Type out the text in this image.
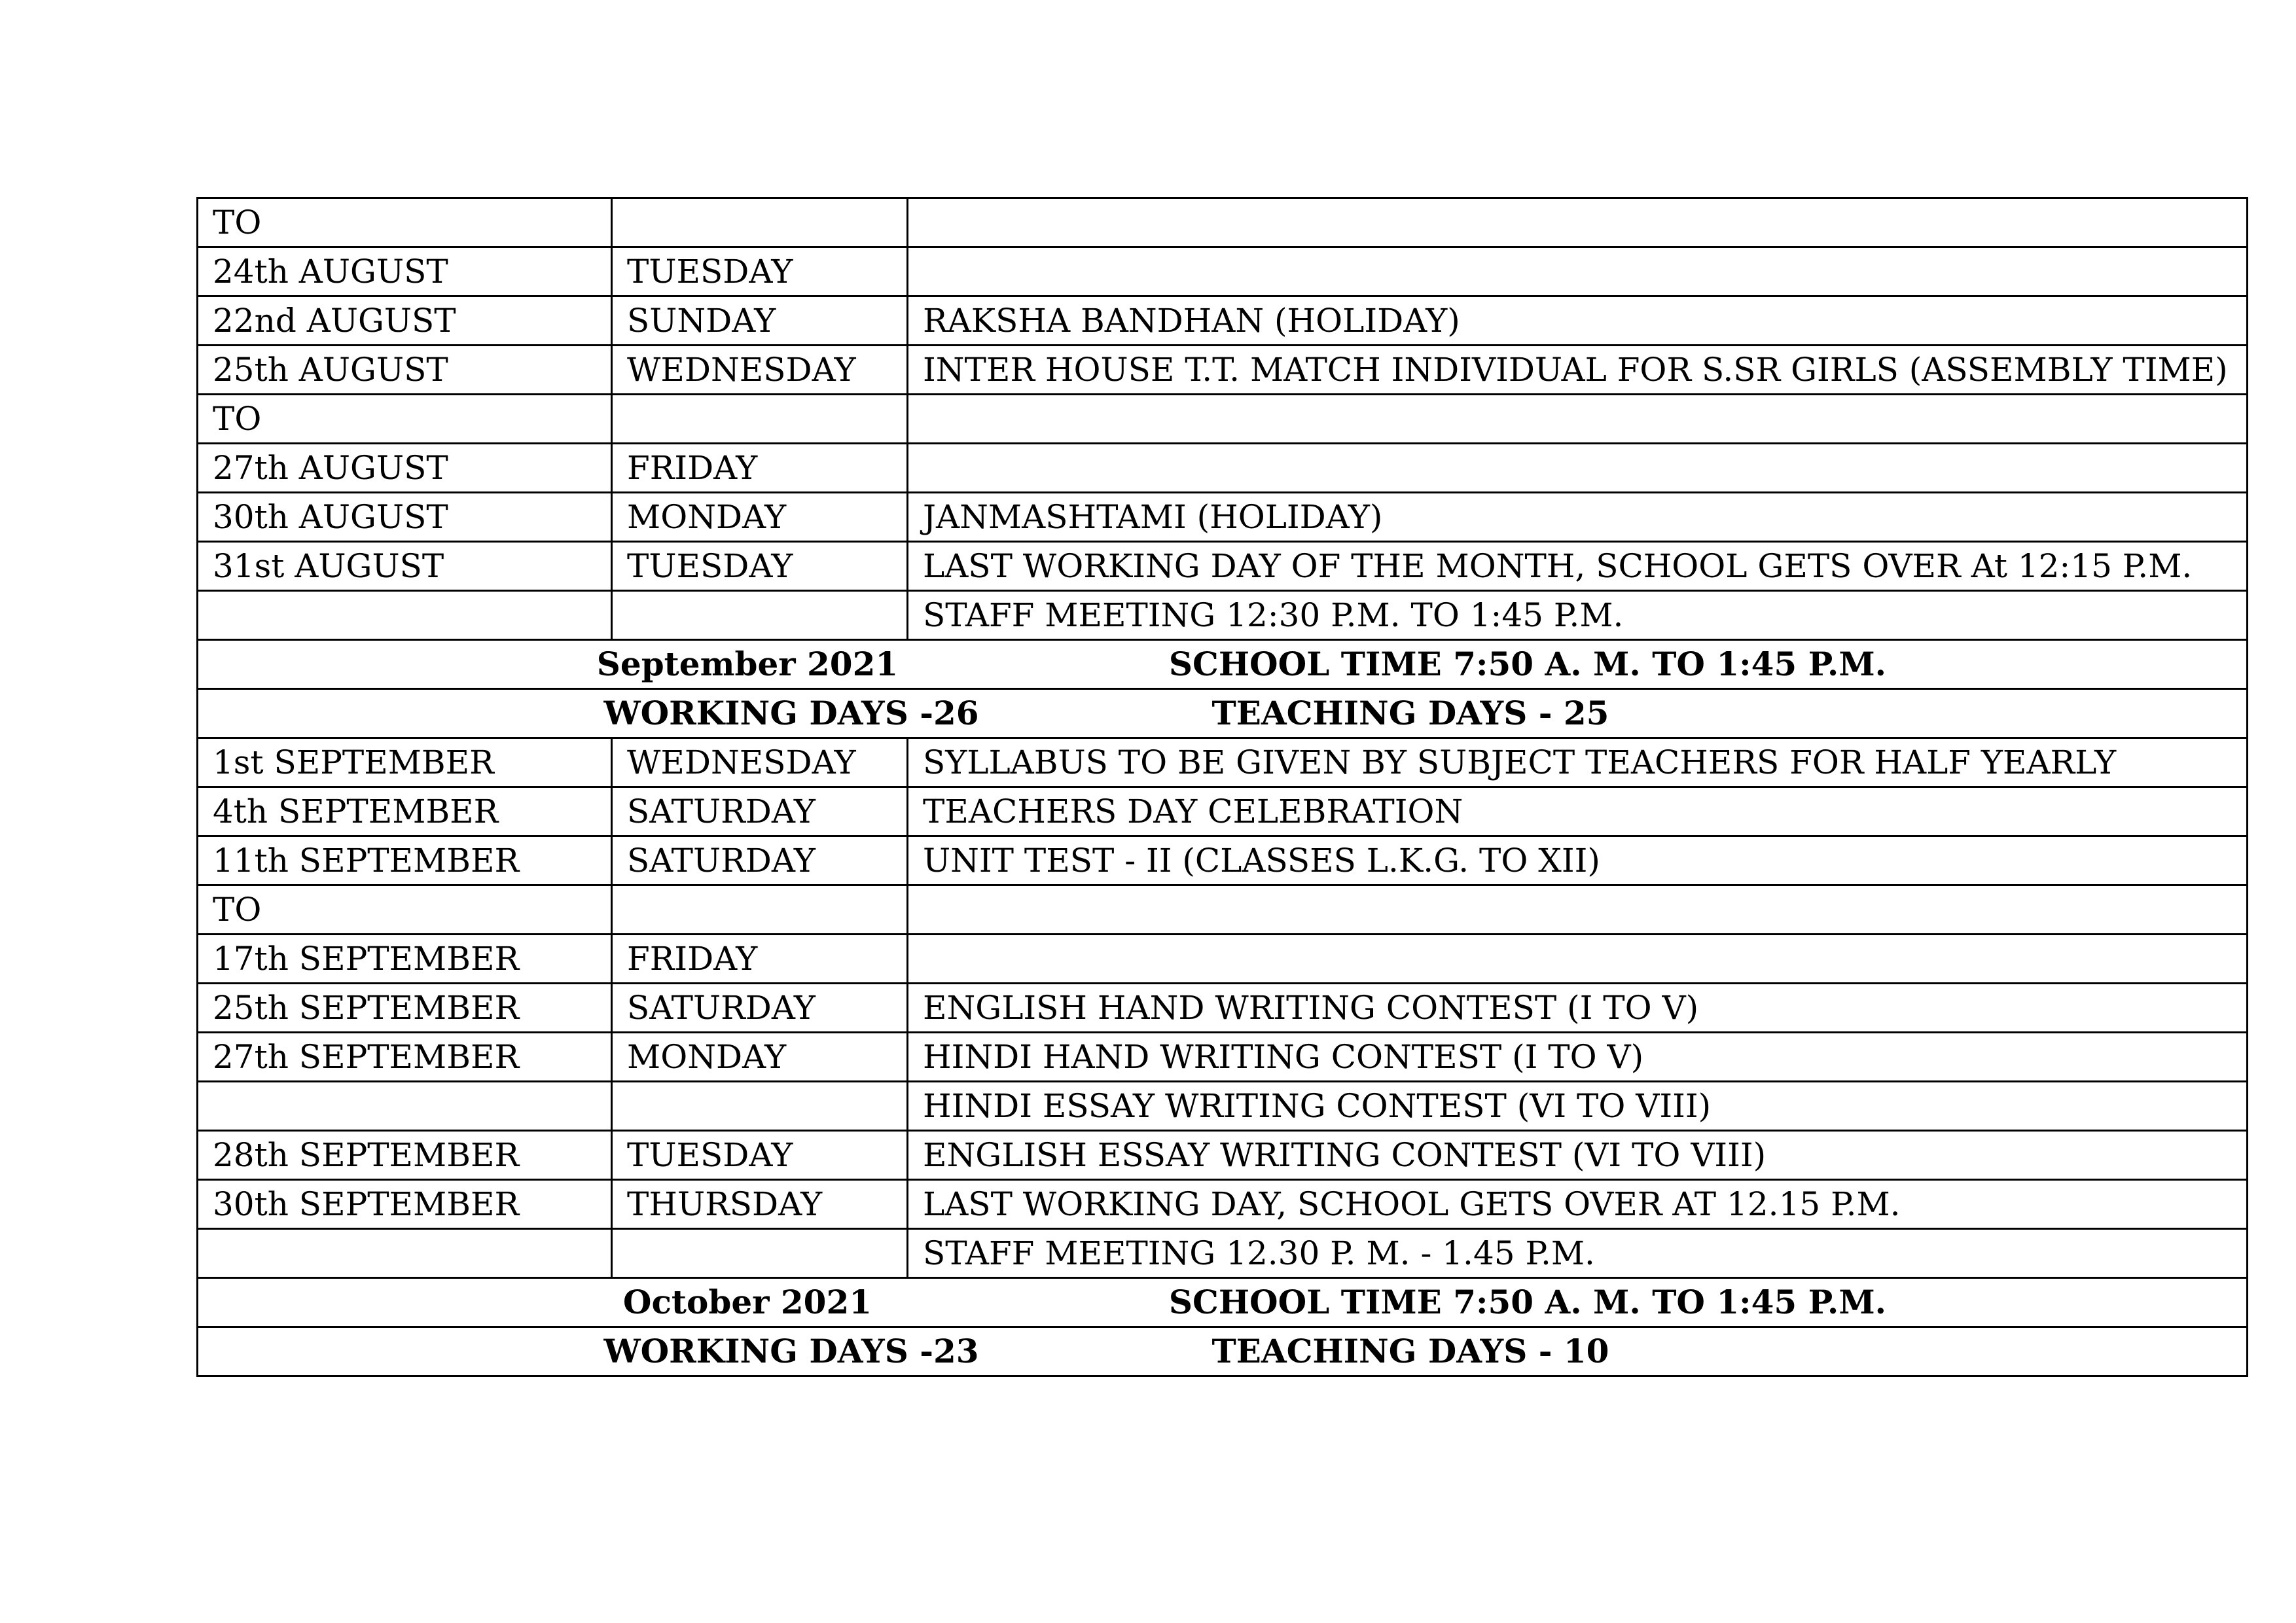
TO		
24th AUGUST	TUESDAY	
22nd AUGUST	SUNDAY	RAKSHA BANDHAN (HOLIDAY)
25th AUGUST	WEDNESDAY	INTER HOUSE T.T. MATCH INDIVIDUAL FOR S.SR GIRLS (ASSEMBLY TIME)
TO		
27th AUGUST	FRIDAY	
30th AUGUST	MONDAY	JANMASHTAMI (HOLIDAY)
31st AUGUST	TUESDAY	LAST WORKING DAY OF THE MONTH, SCHOOL GETS OVER At 12:15 P.M.
		STAFF MEETING 12:30 P.M. TO 1:45 P.M.

September 2021 SCHOOL TIME 7:50 A. M. TO 1:45 P.M.		

WORKING DAYS -26 TEACHING DAYS - 25		

1st SEPTEMBER	WEDNESDAY	SYLLABUS TO BE GIVEN BY SUBJECT TEACHERS FOR HALF YEARLY
4th SEPTEMBER	SATURDAY	TEACHERS DAY CELEBRATION
11th SEPTEMBER	SATURDAY	UNIT TEST - II (CLASSES L.K.G. TO XII)
TO		
17th SEPTEMBER	FRIDAY	
25th SEPTEMBER	SATURDAY	ENGLISH HAND WRITING CONTEST (I TO V)
27th SEPTEMBER	MONDAY	HINDI HAND WRITING CONTEST (I TO V)
		HINDI ESSAY WRITING CONTEST (VI TO VIII)
28th SEPTEMBER	TUESDAY	ENGLISH ESSAY WRITING CONTEST (VI TO VIII)
30th SEPTEMBER	THURSDAY	LAST WORKING DAY, SCHOOL GETS OVER AT 12.15 P.M.
		STAFF MEETING 12.30 P. M. - 1.45 P.M.

October 2021 SCHOOL TIME 7:50 A. M. TO 1:45 P.M.		

WORKING DAYS -23 TEACHING DAYS - 10		
